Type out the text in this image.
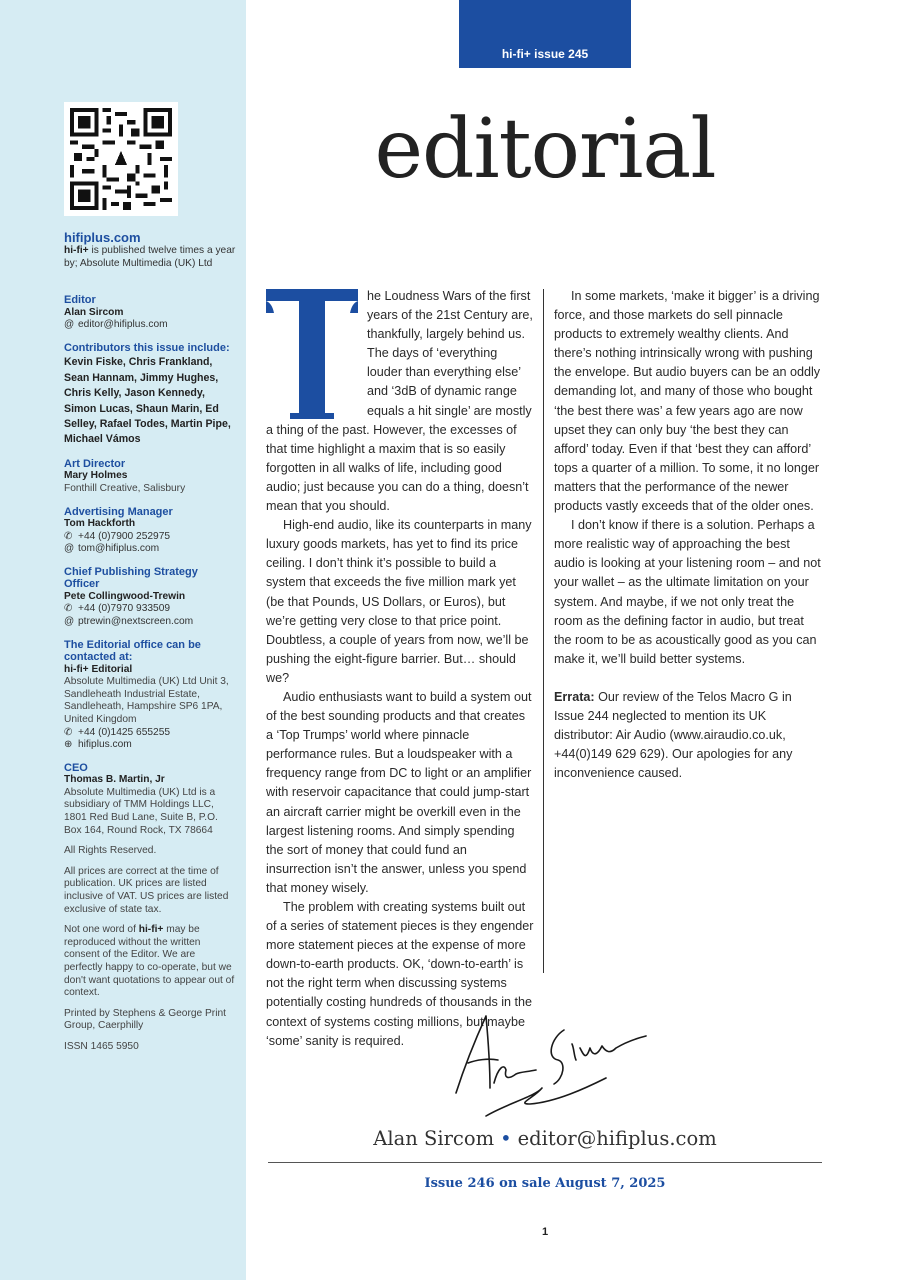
hifiplus.com
hi-fi+ is published twelve times a year by; Absolute Multimedia (UK) Ltd
Editor
Alan Sircom
@ editor@hifiplus.com
Contributors this issue include:
Kevin Fiske, Chris Frankland, Sean Hannam, Jimmy Hughes, Chris Kelly, Jason Kennedy, Simon Lucas, Shaun Marin, Ed Selley, Rafael Todes, Martin Pipe, Michael Vámos
Art Director
Mary Holmes
Fonthill Creative, Salisbury
Advertising Manager
Tom Hackforth
✆ +44 (0)7900 252975
@ tom@hifiplus.com
Chief Publishing Strategy Officer
Pete Collingwood-Trewin
✆ +44 (0)7970 933509
@ ptrewin@nextscreen.com
The Editorial office can be contacted at:
hi-fi+ Editorial
Absolute Multimedia (UK) Ltd Unit 3, Sandleheath Industrial Estate, Sandleheath, Hampshire SP6 1PA, United Kingdom
✆ +44 (0)1425 655255
⊕ hifiplus.com
CEO
Thomas B. Martin, Jr
Absolute Multimedia (UK) Ltd is a subsidiary of TMM Holdings LLC, 1801 Red Bud Lane, Suite B, P.O. Box 164, Round Rock, TX 78664
All Rights Reserved.
All prices are correct at the time of publication. UK prices are listed inclusive of VAT. US prices are listed exclusive of state tax.
Not one word of hi-fi+ may be reproduced without the written consent of the Editor. We are perfectly happy to co-operate, but we don't want quotations to appear out of context.
Printed by Stephens & George Print Group, Caerphilly
ISSN 1465 5950
hi-fi+ issue 245
editorial

he Loudness Wars of the first years of the 21st Century are, thankfully, largely behind us. The days of ‘everything louder than everything else’ and ‘3dB of dynamic range equals a hit single’ are mostly a thing of the past. However, the excesses of that time highlight a maxim that is so easily forgotten in all walks of life, including good audio; just because you can do a thing, doesn’t mean that you should.

High-end audio, like its counterparts in many luxury goods markets, has yet to find its price ceiling. I don’t think it’s possible to build a system that exceeds the five million mark yet (be that Pounds, US Dollars, or Euros), but we’re getting very close to that price point. Doubtless, a couple of years from now, we’ll be pushing the eight-figure barrier. But… should we?

Audio enthusiasts want to build a system out of the best sounding products and that creates a ‘Top Trumps’ world where pinnacle performance rules. But a loudspeaker with a frequency range from DC to light or an amplifier with reservoir capacitance that could jump-start an aircraft carrier might be overkill even in the largest listening rooms. And simply spending the sort of money that could fund an insurrection isn’t the answer, unless you spend that money wisely.

The problem with creating systems built out of a series of statement pieces is they engender more statement pieces at the expense of more down-to-earth products. OK, ‘down-to-earth’ is not the right term when discussing systems potentially costing hundreds of thousands in the context of systems costing millions, but maybe ‘some’ sanity is required.

In some markets, ‘make it bigger’ is a driving force, and those markets do sell pinnacle products to extremely wealthy clients. And there’s nothing intrinsically wrong with pushing the envelope. But audio buyers can be an oddly demanding lot, and many of those who bought ‘the best there was’ a few years ago are now upset they can only buy ‘the best they can afford’ today. Even if that ‘best they can afford’ tops a quarter of a million. To some, it no longer matters that the performance of the newer products vastly exceeds that of the older ones.

I don’t know if there is a solution. Perhaps a more realistic way of approaching the best audio is looking at your listening room – and not your wallet – as the ultimate limitation on your system. And maybe, if we not only treat the room as the defining factor in audio, but treat the room to be as acoustically good as you can make it, we’ll build better systems.

Errata: Our review of the Telos Macro G in Issue 244 neglected to mention its UK distributor: Air Audio (www.airaudio.co.uk, +44(0)149 629 629). Our apologies for any inconvenience caused.

Alan Sircom • editor@hifiplus.com
Issue 246 on sale August 7, 2025
1
